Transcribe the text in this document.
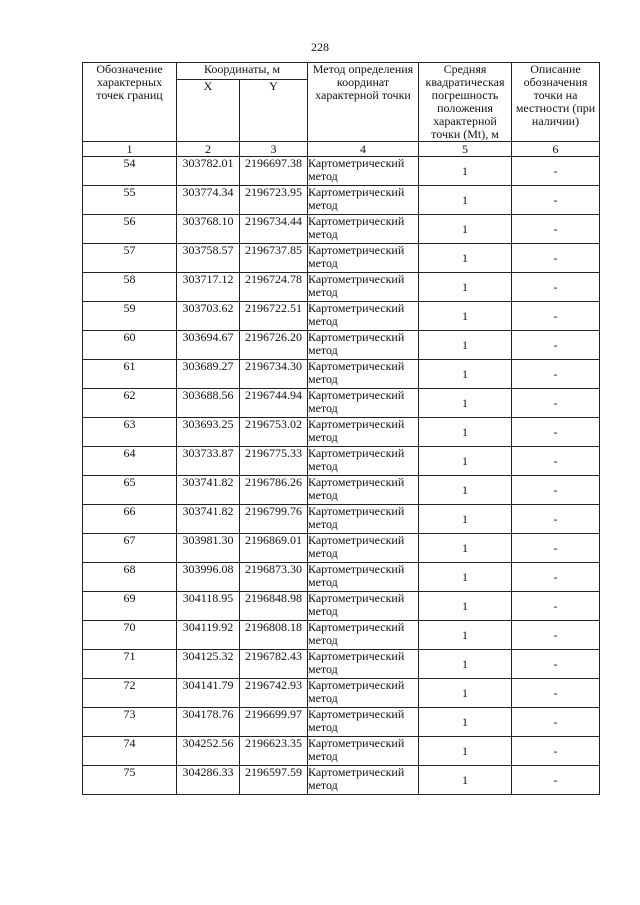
228
Обозначение характерных точек границ	Координаты, м		Метод определения координат характерной точки	Средняя квадратическая погрешность положения характерной точки (Mt), м	Описание обозначения точки на местности (при наличии)
	X	Y			
1	2	3	4	5	6
54	303782.01	2196697.38	Картометрический метод	1	-
55	303774.34	2196723.95	Картометрический метод	1	-
56	303768.10	2196734.44	Картометрический метод	1	-
57	303758.57	2196737.85	Картометрический метод	1	-
58	303717.12	2196724.78	Картометрический метод	1	-
59	303703.62	2196722.51	Картометрический метод	1	-
60	303694.67	2196726.20	Картометрический метод	1	-
61	303689.27	2196734.30	Картометрический метод	1	-
62	303688.56	2196744.94	Картометрический метод	1	-
63	303693.25	2196753.02	Картометрический метод	1	-
64	303733.87	2196775.33	Картометрический метод	1	-
65	303741.82	2196786.26	Картометрический метод	1	-
66	303741.82	2196799.76	Картометрический метод	1	-
67	303981.30	2196869.01	Картометрический метод	1	-
68	303996.08	2196873.30	Картометрический метод	1	-
69	304118.95	2196848.98	Картометрический метод	1	-
70	304119.92	2196808.18	Картометрический метод	1	-
71	304125.32	2196782.43	Картометрический метод	1	-
72	304141.79	2196742.93	Картометрический метод	1	-
73	304178.76	2196699.97	Картометрический метод	1	-
74	304252.56	2196623.35	Картометрический метод	1	-
75	304286.33	2196597.59	Картометрический метод	1	-
